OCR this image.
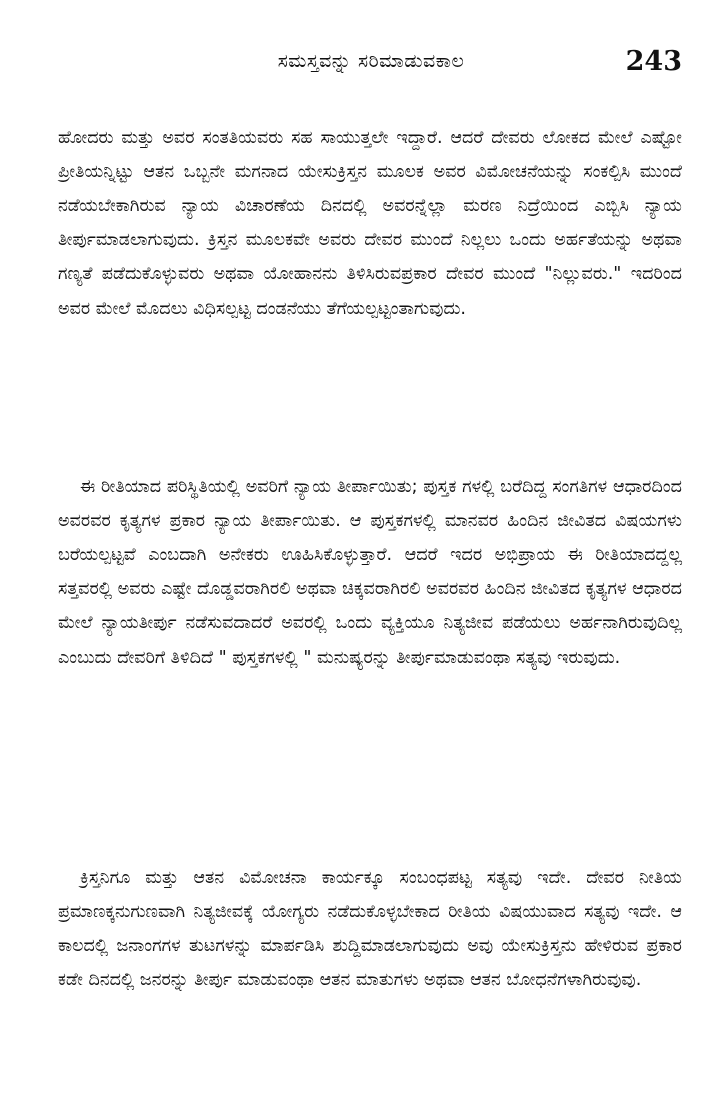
ಸಮಸ್ತವನ್ನು ಸರಿಮಾಡುವಕಾಲ	243

ಹೋದರು ಮತ್ತು ಅವರ ಸಂತತಿಯವರು ಸಹ ಸಾಯುತ್ತಲೇ ಇದ್ದಾರೆ. ಆದರೆ ದೇವರು ಲೋಕದ ಮೇಲೆ ಎಷ್ಟೋ ಪ್ರೀತಿಯನ್ನಿಟ್ಟು ಆತನ ಒಬ್ಬನೇ ಮಗನಾದ ಯೇಸುಕ್ರಿಸ್ತನ ಮೂಲಕ ಅವರ ವಿಮೋಚನೆಯನ್ನು ಸಂಕಲ್ಪಿಸಿ ಮುಂದೆ ನಡೆಯಬೇಕಾಗಿರುವ ನ್ಯಾಯ ವಿಚಾರಣೆಯ ದಿನದಲ್ಲಿ ಅವರನ್ನೆಲ್ಲಾ ಮರಣ ನಿದ್ರೆಯಿಂದ ಎಬ್ಬಿಸಿ ನ್ಯಾಯ ತೀರ್ಪುಮಾಡಲಾಗುವುದು. ಕ್ರಿಸ್ತನ ಮೂಲಕವೇ ಅವರು ದೇವರ ಮುಂದೆ ನಿಲ್ಲಲು ಒಂದು ಅರ್ಹತೆಯನ್ನು ಅಥವಾ ಗಣ್ಯತೆ ಪಡೆದುಕೊಳ್ಳುವರು ಅಥವಾ ಯೋಹಾನನು ತಿಳಿಸಿರುವಪ್ರಕಾರ ದೇವರ ಮುಂದೆ "ನಿಲ್ಲುವರು." ಇದರಿಂದ ಅವರ ಮೇಲೆ ಮೊದಲು ವಿಧಿಸಲ್ಪಟ್ಟ ದಂಡನೆಯು ತೆಗೆಯಲ್ಪಟ್ಟಂತಾಗುವುದು.

ಈ ರೀತಿಯಾದ ಪರಿಸ್ಥಿತಿಯಲ್ಲಿ ಅವರಿಗೆ ನ್ಯಾಯ ತೀರ್ಪಾಯಿತು; ಪುಸ್ತಕ ಗಳಲ್ಲಿ ಬರೆದಿದ್ದ ಸಂಗತಿಗಳ ಆಧಾರದಿಂದ ಅವರವರ ಕೃತ್ಯಗಳ ಪ್ರಕಾರ ನ್ಯಾಯ ತೀರ್ಪಾಯಿತು. ಆ ಪುಸ್ತಕಗಳಲ್ಲಿ ಮಾನವರ ಹಿಂದಿನ ಜೀವಿತದ ವಿಷಯಗಳು ಬರೆಯಲ್ಪಟ್ಟವೆ ಎಂಬದಾಗಿ ಅನೇಕರು ಊಹಿಸಿಕೊಳ್ಳುತ್ತಾರೆ. ಆದರೆ ಇದರ ಅಭಿಪ್ರಾಯ ಈ ರೀತಿಯಾದದ್ದಲ್ಲ ಸತ್ತವರಲ್ಲಿ ಅವರು ಎಷ್ಟೇ ದೊಡ್ಡವರಾಗಿರಲಿ ಅಥವಾ ಚಿಕ್ಕವರಾಗಿರಲಿ ಅವರವರ ಹಿಂದಿನ ಜೀವಿತದ ಕೃತ್ಯಗಳ ಆಧಾರದ ಮೇಲೆ ನ್ಯಾಯತೀರ್ಪು ನಡೆಸುವದಾದರೆ ಅವರಲ್ಲಿ ಒಂದು ವ್ಯಕ್ತಿಯೂ ನಿತ್ಯಜೀವ ಪಡೆಯಲು ಅರ್ಹನಾಗಿರುವುದಿಲ್ಲ ಎಂಬುದು ದೇವರಿಗೆ ತಿಳಿದಿದೆ " ಪುಸ್ತಕಗಳಲ್ಲಿ " ಮನುಷ್ಯರನ್ನು ತೀರ್ಪುಮಾಡುವಂಥಾ ಸತ್ಯವು ಇರುವುದು.

ಕ್ರಿಸ್ತನಿಗೂ ಮತ್ತು ಆತನ ವಿಮೋಚನಾ ಕಾರ್ಯಕ್ಕೂ ಸಂಬಂಧಪಟ್ಟ ಸತ್ಯವು ಇದೇ. ದೇವರ ನೀತಿಯ ಪ್ರಮಾಣಕ್ಕನುಗುಣವಾಗಿ ನಿತ್ಯಜೀವಕ್ಕೆ ಯೋಗ್ಯರು ನಡೆದುಕೊಳ್ಳಬೇಕಾದ ರೀತಿಯ ವಿಷಯುವಾದ ಸತ್ಯವು ಇದೇ. ಆ ಕಾಲದಲ್ಲಿ ಜನಾಂಗಗಳ ತುಟಗಳನ್ನು ಮಾರ್ಪಡಿಸಿ ಶುದ್ದಿಮಾಡಲಾಗುವುದು ಅವು ಯೇಸುಕ್ರಿಸ್ತನು ಹೇಳಿರುವ ಪ್ರಕಾರ ಕಡೇ ದಿನದಲ್ಲಿ ಜನರನ್ನು ತೀರ್ಪು ಮಾಡುವಂಥಾ ಆತನ ಮಾತುಗಳು ಅಥವಾ ಆತನ ಬೋಧನೆಗಳಾಗಿರುವುವು.
